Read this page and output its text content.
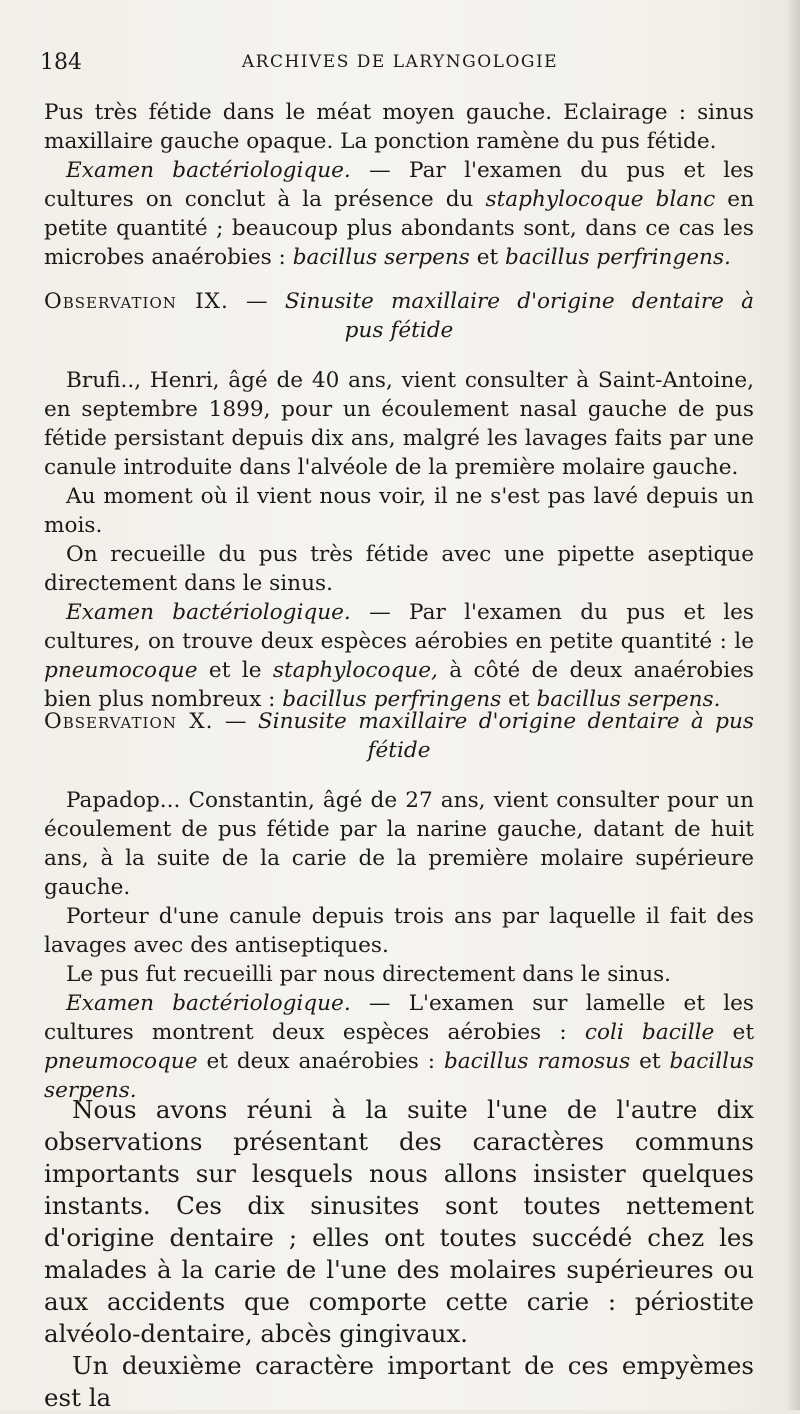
184	ARCHIVES DE LARYNGOLOGIE

Pus très fétide dans le méat moyen gauche. Eclairage : sinus maxillaire gauche opaque. La ponction ramène du pus fétide.

Examen bactériologique. — Par l'examen du pus et les cultures on conclut à la présence du staphylocoque blanc en petite quantité ; beaucoup plus abondants sont, dans ce cas les microbes anaérobies : bacillus serpens et bacillus perfringens.

Observation IX. — Sinusite maxillaire d'origine dentaire à
pus fétide

Brufi.., Henri, âgé de 40 ans, vient consulter à Saint-Antoine, en septembre 1899, pour un écoulement nasal gauche de pus fétide persistant depuis dix ans, malgré les lavages faits par une canule introduite dans l'alvéole de la première molaire gauche.

Au moment où il vient nous voir, il ne s'est pas lavé depuis un mois.

On recueille du pus très fétide avec une pipette aseptique directement dans le sinus.

Examen bactériologique. — Par l'examen du pus et les cultures, on trouve deux espèces aérobies en petite quantité : le pneumocoque et le staphylocoque, à côté de deux anaérobies bien plus nombreux : bacillus perfringens et bacillus serpens.

Observation X. — Sinusite maxillaire d'origine dentaire à pus
fétide

Papadop... Constantin, âgé de 27 ans, vient consulter pour un écoulement de pus fétide par la narine gauche, datant de huit ans, à la suite de la carie de la première molaire supérieure gauche.

Porteur d'une canule depuis trois ans par laquelle il fait des lavages avec des antiseptiques.

Le pus fut recueilli par nous directement dans le sinus.

Examen bactériologique. — L'examen sur lamelle et les cultures montrent deux espèces aérobies : coli bacille et pneumocoque et deux anaérobies : bacillus ramosus et bacillus serpens.

Nous avons réuni à la suite l'une de l'autre dix observations présentant des caractères communs importants sur lesquels nous allons insister quelques instants. Ces dix sinusites sont toutes nettement d'origine dentaire ; elles ont toutes succédé chez les malades à la carie de l'une des molaires supérieures ou aux accidents que comporte cette carie : périostite alvéolo-dentaire, abcès gingivaux.

Un deuxième caractère important de ces empyèmes est la
